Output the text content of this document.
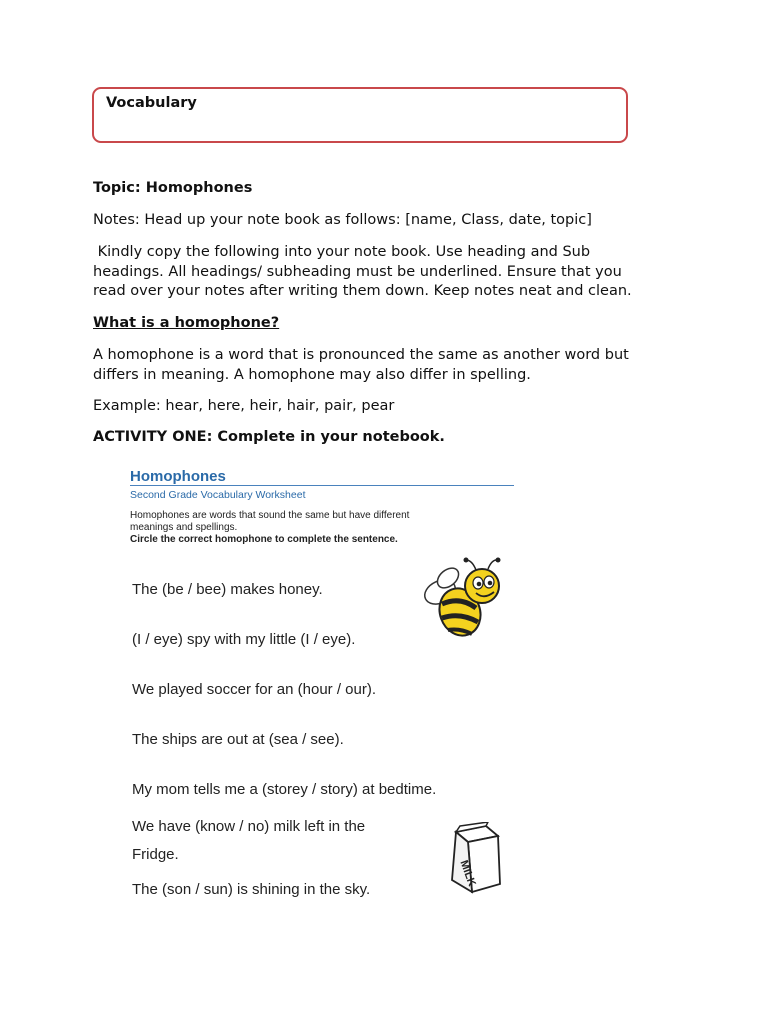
Vocabulary

Topic: Homophones

Notes: Head up your note book as follows: [name, Class, date, topic]

Kindly copy the following into your note book. Use heading and Sub
headings. All headings/ subheading must be underlined. Ensure that you
read over your notes after writing them down. Keep notes neat and clean.

What is a homophone?

A homophone is a word that is pronounced the same as another word but
differs in meaning. A homophone may also differ in spelling.

Example: hear, here, heir, hair, pair, pear

ACTIVITY ONE: Complete in your notebook.

Homophones
Second Grade Vocabulary Worksheet
Homophones are words that sound the same but have different
meanings and spellings.
Circle the correct homophone to complete the sentence.
The (be / bee) makes honey.
(I / eye) spy with my little (I / eye).
We played soccer for an (hour / our).
The ships are out at (sea / see).
My mom tells me a (storey / story) at bedtime.
We have (know / no) milk left in the
Fridge.
The (son / sun) is shining in the sky.
MILK
